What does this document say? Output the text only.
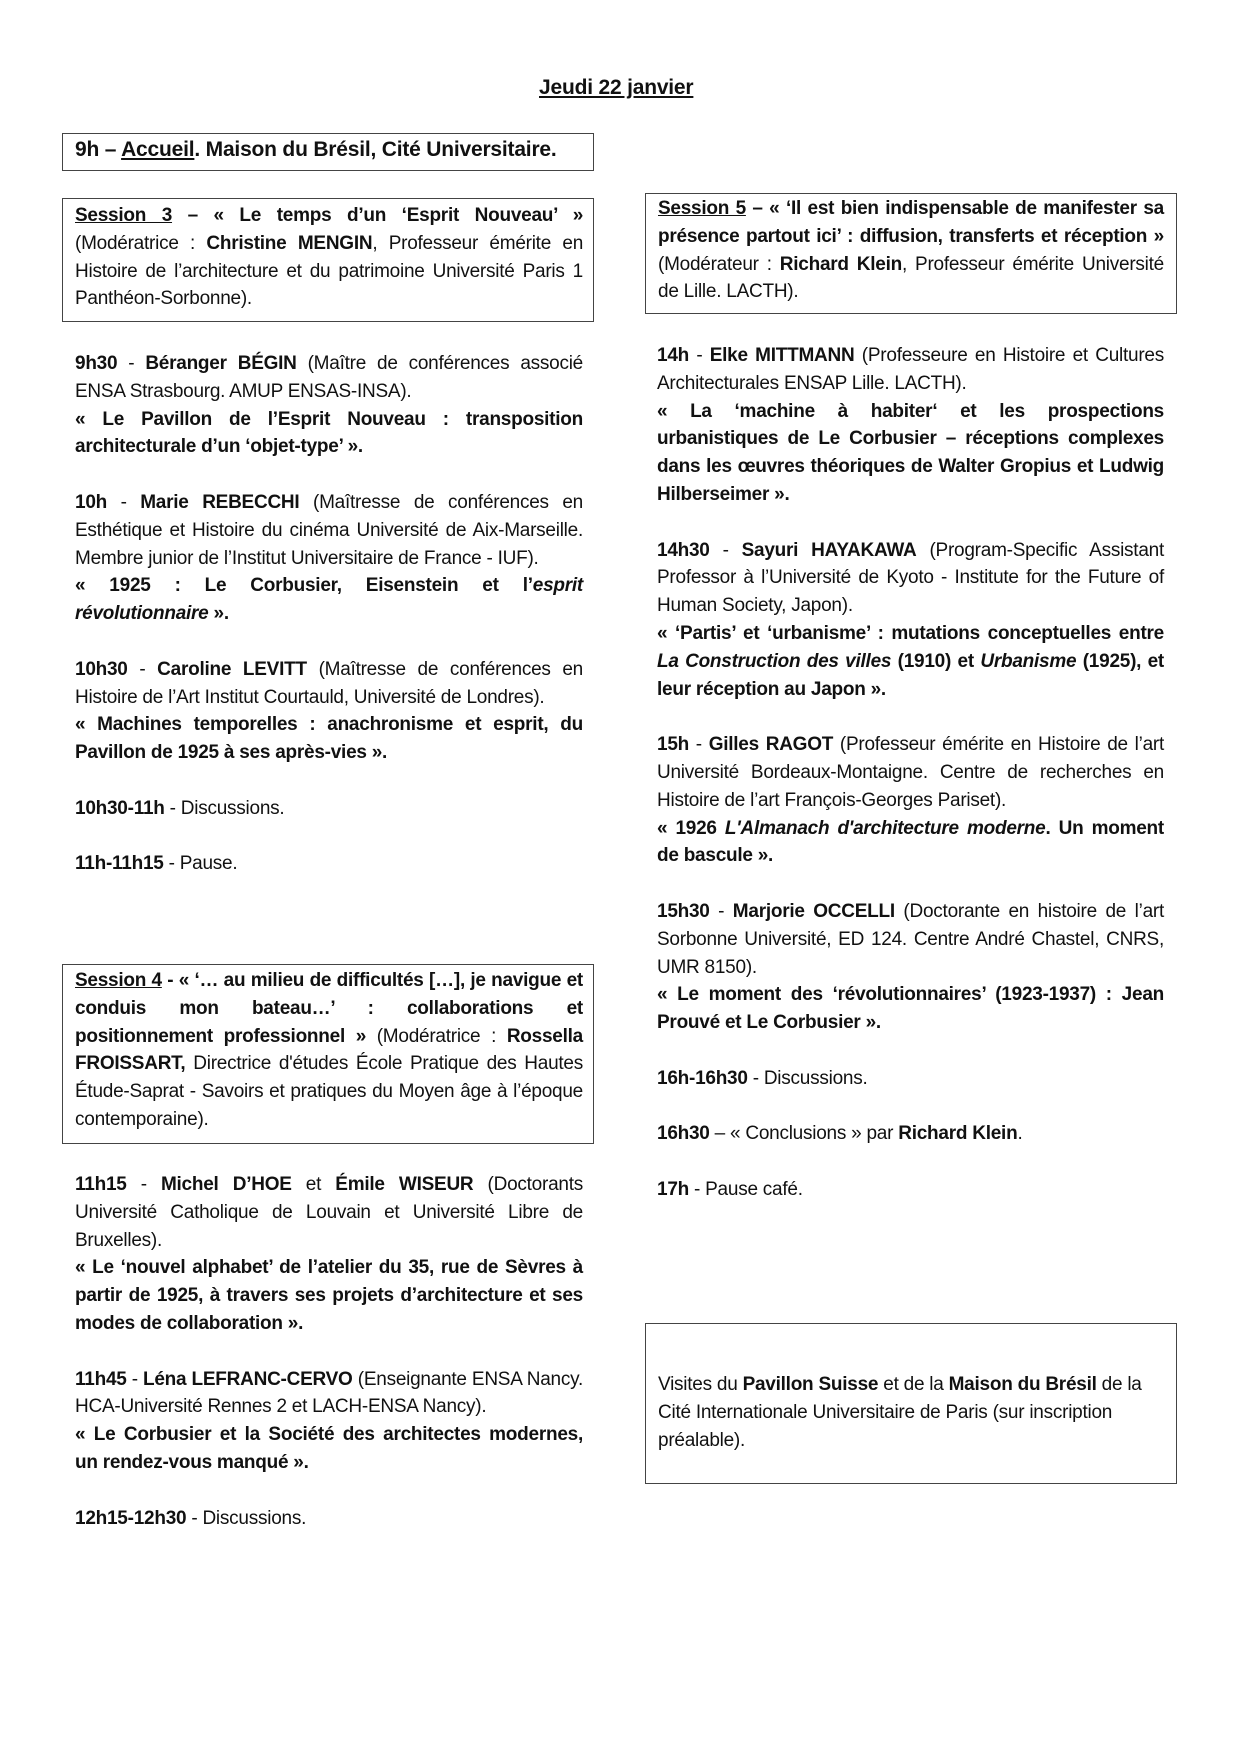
Jeudi 22 janvier
9h – Accueil. Maison du Brésil, Cité Universitaire.
Session 3 – « Le temps d’un ‘Esprit Nouveau’ » (Modératrice : Christine MENGIN, Professeur émérite en Histoire de l’architecture et du patrimoine Université Paris 1 Panthéon-Sorbonne).

9h30 - Béranger BÉGIN (Maître de conférences associé ENSA Strasbourg. AMUP ENSAS-INSA).

« Le Pavillon de l’Esprit Nouveau : transposition architecturale d’un ‘objet-type’ ».

10h - Marie REBECCHI (Maîtresse de conférences en Esthétique et Histoire du cinéma Université de Aix-Marseille. Membre junior de l’Institut Universitaire de France - IUF).

« 1925 : Le Corbusier, Eisenstein et l’esprit révolutionnaire ».

10h30 - Caroline LEVITT (Maîtresse de conférences en Histoire de l’Art Institut Courtauld, Université de Londres).

« Machines temporelles : anachronisme et esprit, du Pavillon de 1925 à ses après-vies ».

10h30-11h - Discussions.
11h-11h15 - Pause.
Session 4 - « ‘… au milieu de difficultés […], je navigue et conduis mon bateau…’ : collaborations et positionnement professionnel » (Modératrice : Rossella FROISSART, Directrice d'études École Pratique des Hautes Étude-Saprat - Savoirs et pratiques du Moyen âge à l’époque contemporaine).

11h15 - Michel D’HOE et Émile WISEUR (Doctorants Université Catholique de Louvain et Université Libre de Bruxelles).

« Le ‘nouvel alphabet’ de l’atelier du 35, rue de Sèvres à partir de 1925, à travers ses projets d’architecture et ses modes de collaboration ».

11h45 - Léna LEFRANC-CERVO (Enseignante ENSA Nancy. HCA-Université Rennes 2 et LACH-ENSA Nancy).

« Le Corbusier et la Société des architectes modernes, un rendez-vous manqué ».

12h15-12h30 - Discussions.
Session 5 – « ‘Il est bien indispensable de manifester sa présence partout ici’ : diffusion, transferts et réception » (Modérateur : Richard Klein, Professeur émérite Université de Lille. LACTH).

14h - Elke MITTMANN (Professeure en Histoire et Cultures Architecturales ENSAP Lille. LACTH).

« La ‘machine à habiter‘ et les prospections urbanistiques de Le Corbusier – réceptions complexes dans les œuvres théoriques de Walter Gropius et Ludwig Hilberseimer ».

14h30 - Sayuri HAYAKAWA (Program-Specific Assistant Professor à l’Université de Kyoto - Institute for the Future of Human Society, Japon).

« ‘Partis’ et ‘urbanisme’ : mutations conceptuelles entre La Construction des villes (1910) et Urbanisme (1925), et leur réception au Japon ».

15h - Gilles RAGOT (Professeur émérite en Histoire de l’art Université Bordeaux-Montaigne. Centre de recherches en Histoire de l’art François-Georges Pariset).

« 1926 L'Almanach d'architecture moderne. Un moment de bascule ».

15h30 - Marjorie OCCELLI (Doctorante en histoire de l’art Sorbonne Université, ED 124. Centre André Chastel, CNRS, UMR 8150).

« Le moment des ‘révolutionnaires’ (1923-1937) : Jean Prouvé et Le Corbusier ».

16h-16h30 - Discussions.
16h30 – « Conclusions » par Richard Klein.
17h - Pause café.
Visites du Pavillon Suisse et de la Maison du Brésil de la Cité Internationale Universitaire de Paris (sur inscription préalable).
